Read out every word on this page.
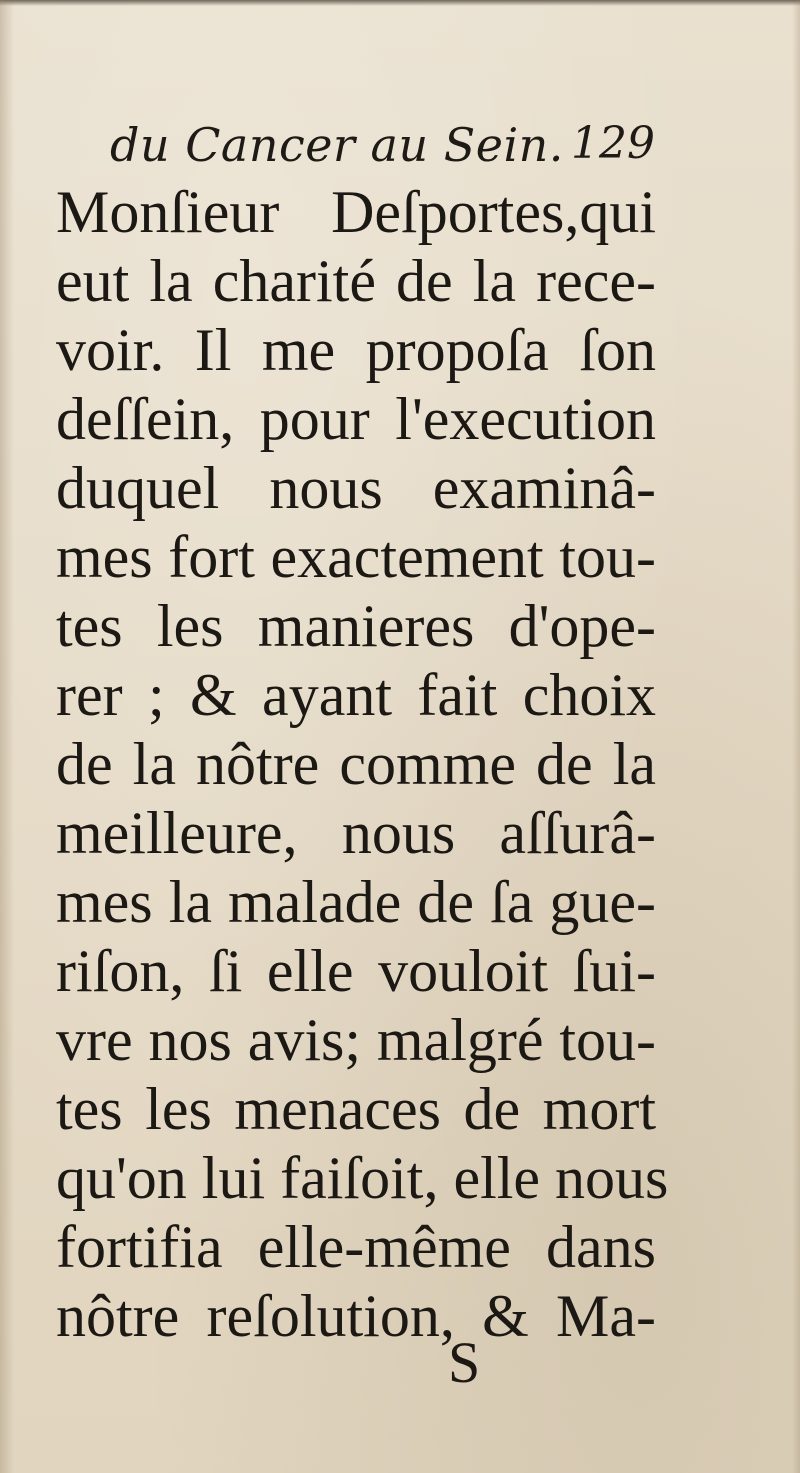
du Cancer au Sein. 129
Monſieur Deſportes,qui
eut la charité de la rece-
voir. Il me propoſa ſon
deſſein, pour l'execution
duquel nous examinâ-
mes fort exactement tou-
tes les manieres d'ope-
rer ; & ayant fait choix
de la nôtre comme de la
meilleure, nous aſſurâ-
mes la malade de ſa gue-
riſon, ſi elle vouloit ſui-
vre nos avis; malgré tou-
tes les menaces de mort
qu'on lui faiſoit, elle nous
fortifia elle-même dans
nôtre reſolution, & Ma-
S
